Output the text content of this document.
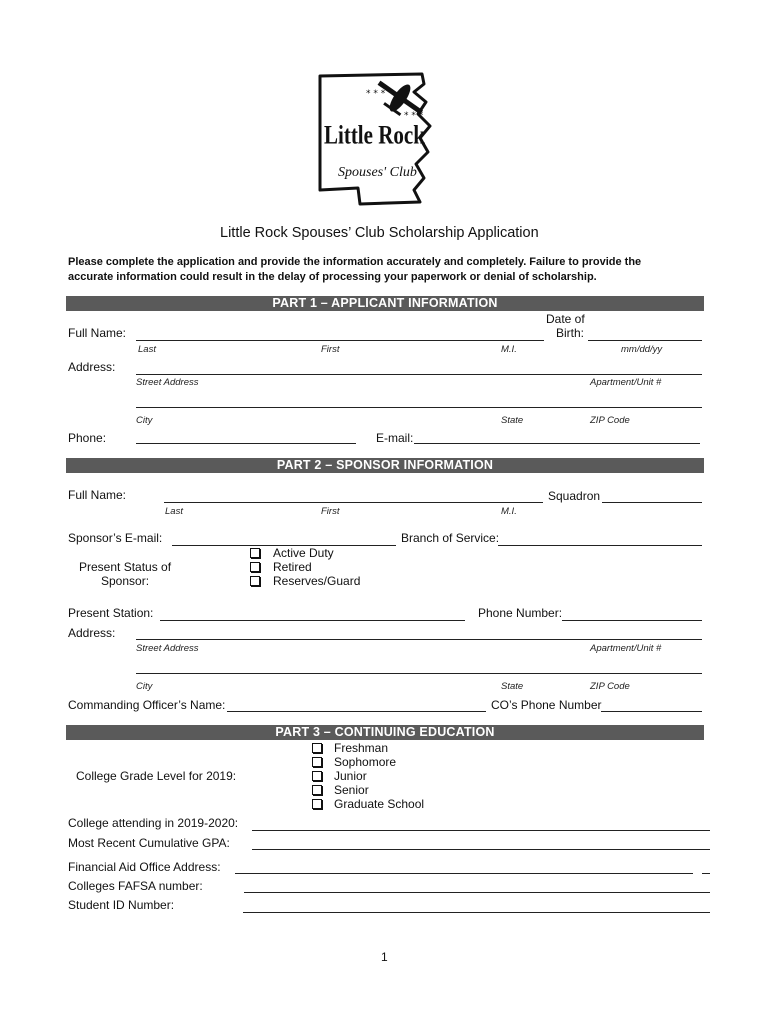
* * *
* * *
Little Rock
Spouses' Club
Little Rock Spouses’ Club Scholarship Application
Please complete the application and provide the information accurately and completely. Failure to provide the
accurate information could result in the delay of processing your paperwork or denial of scholarship.
PART 1 – APPLICANT INFORMATION
Full Name:
Date of
Birth:
Last	First	M.I.	mm/dd/yy
Address:
Street Address	Apartment/Unit #
City	State	ZIP Code
Phone:	E-mail:
PART 2 – SPONSOR INFORMATION
Full Name:	Squadron
Last	First	M.I.
Sponsor’s E-mail:	Branch of Service:
Present Status of
Sponsor:
Active Duty
Retired
Reserves/Guard
Present Station:	Phone Number:
Address:
Street Address	Apartment/Unit #
City	State	ZIP Code
Commanding Officer’s Name:	CO’s Phone Number
PART 3 – CONTINUING EDUCATION
College Grade Level for 2019:
Freshman
Sophomore
Junior
Senior
Graduate School
College attending in 2019-2020:
Most Recent Cumulative GPA:
Financial Aid Office Address:
Colleges FAFSA number:
Student ID Number:
1
